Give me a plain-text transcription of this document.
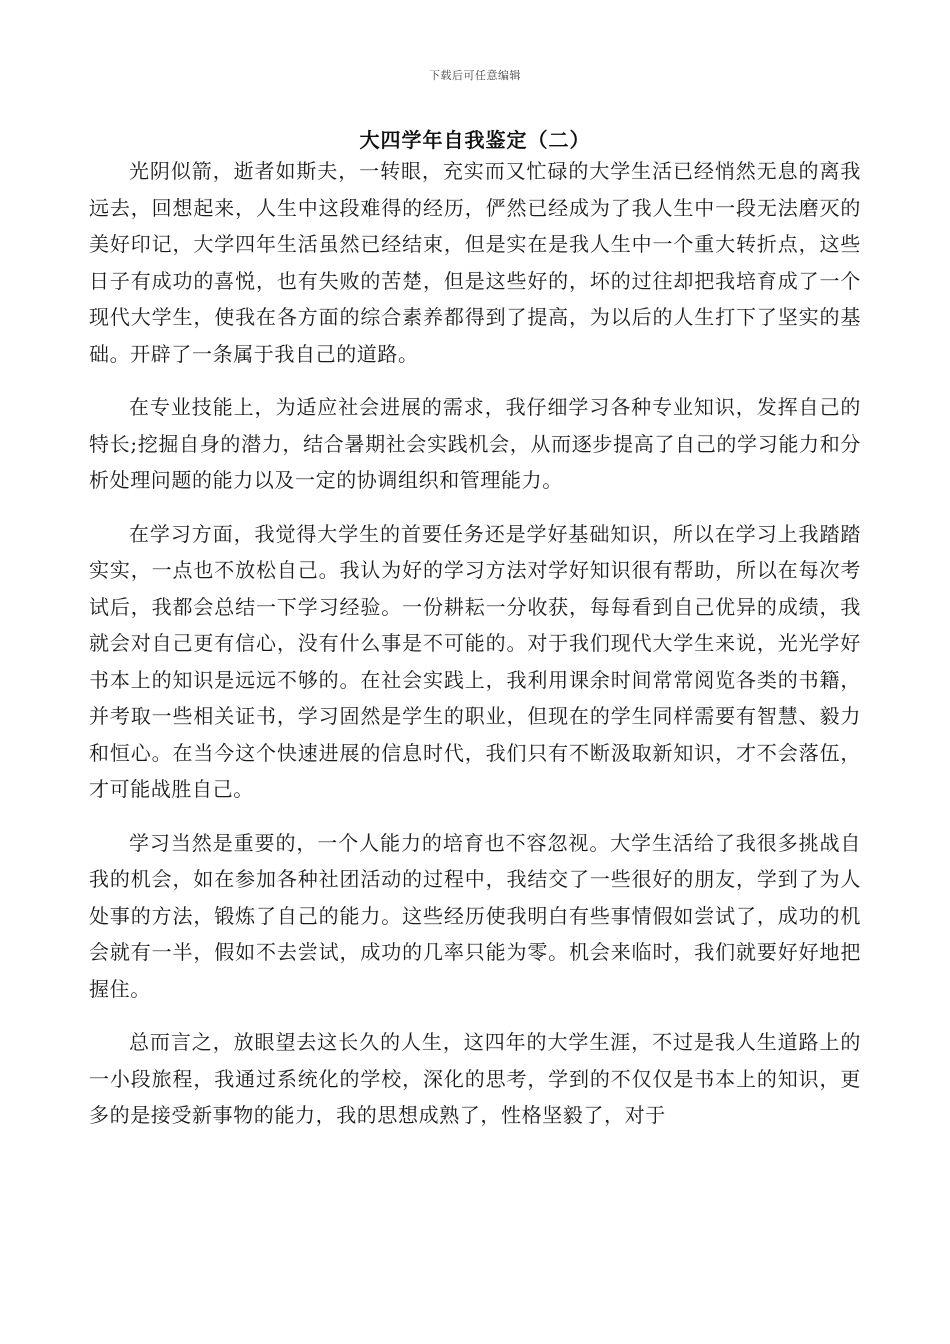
下载后可任意编辑
大四学年自我鉴定（二）

光阴似箭，逝者如斯夫，一转眼，充实而又忙碌的大学生活已经悄然无息的离我远去，回想起来，人生中这段难得的经历，俨然已经成为了我人生中一段无法磨灭的美好印记，大学四年生活虽然已经结束，但是实在是我人生中一个重大转折点，这些日子有成功的喜悦，也有失败的苦楚，但是这些好的，坏的过往却把我培育成了一个现代大学生，使我在各方面的综合素养都得到了提高，为以后的人生打下了坚实的基础。开辟了一条属于我自己的道路。

在专业技能上，为适应社会进展的需求，我仔细学习各种专业知识，发挥自己的特长;挖掘自身的潜力，结合暑期社会实践机会，从而逐步提高了自己的学习能力和分析处理问题的能力以及一定的协调组织和管理能力。

在学习方面，我觉得大学生的首要任务还是学好基础知识，所以在学习上我踏踏实实，一点也不放松自己。我认为好的学习方法对学好知识很有帮助，所以在每次考试后，我都会总结一下学习经验。一份耕耘一分收获，每每看到自己优异的成绩，我就会对自己更有信心，没有什么事是不可能的。对于我们现代大学生来说，光光学好书本上的知识是远远不够的。在社会实践上，我利用课余时间常常阅览各类的书籍，并考取一些相关证书，学习固然是学生的职业，但现在的学生同样需要有智慧、毅力和恒心。在当今这个快速进展的信息时代，我们只有不断汲取新知识，才不会落伍，才可能战胜自己。

学习当然是重要的，一个人能力的培育也不容忽视。大学生活给了我很多挑战自我的机会，如在参加各种社团活动的过程中，我结交了一些很好的朋友，学到了为人处事的方法，锻炼了自己的能力。这些经历使我明白有些事情假如尝试了，成功的机会就有一半，假如不去尝试，成功的几率只能为零。机会来临时，我们就要好好地把握住。

总而言之，放眼望去这长久的人生，这四年的大学生涯，不过是我人生道路上的一小段旅程，我通过系统化的学校，深化的思考，学到的不仅仅是书本上的知识，更多的是接受新事物的能力，我的思想成熟了，性格坚毅了，对于
